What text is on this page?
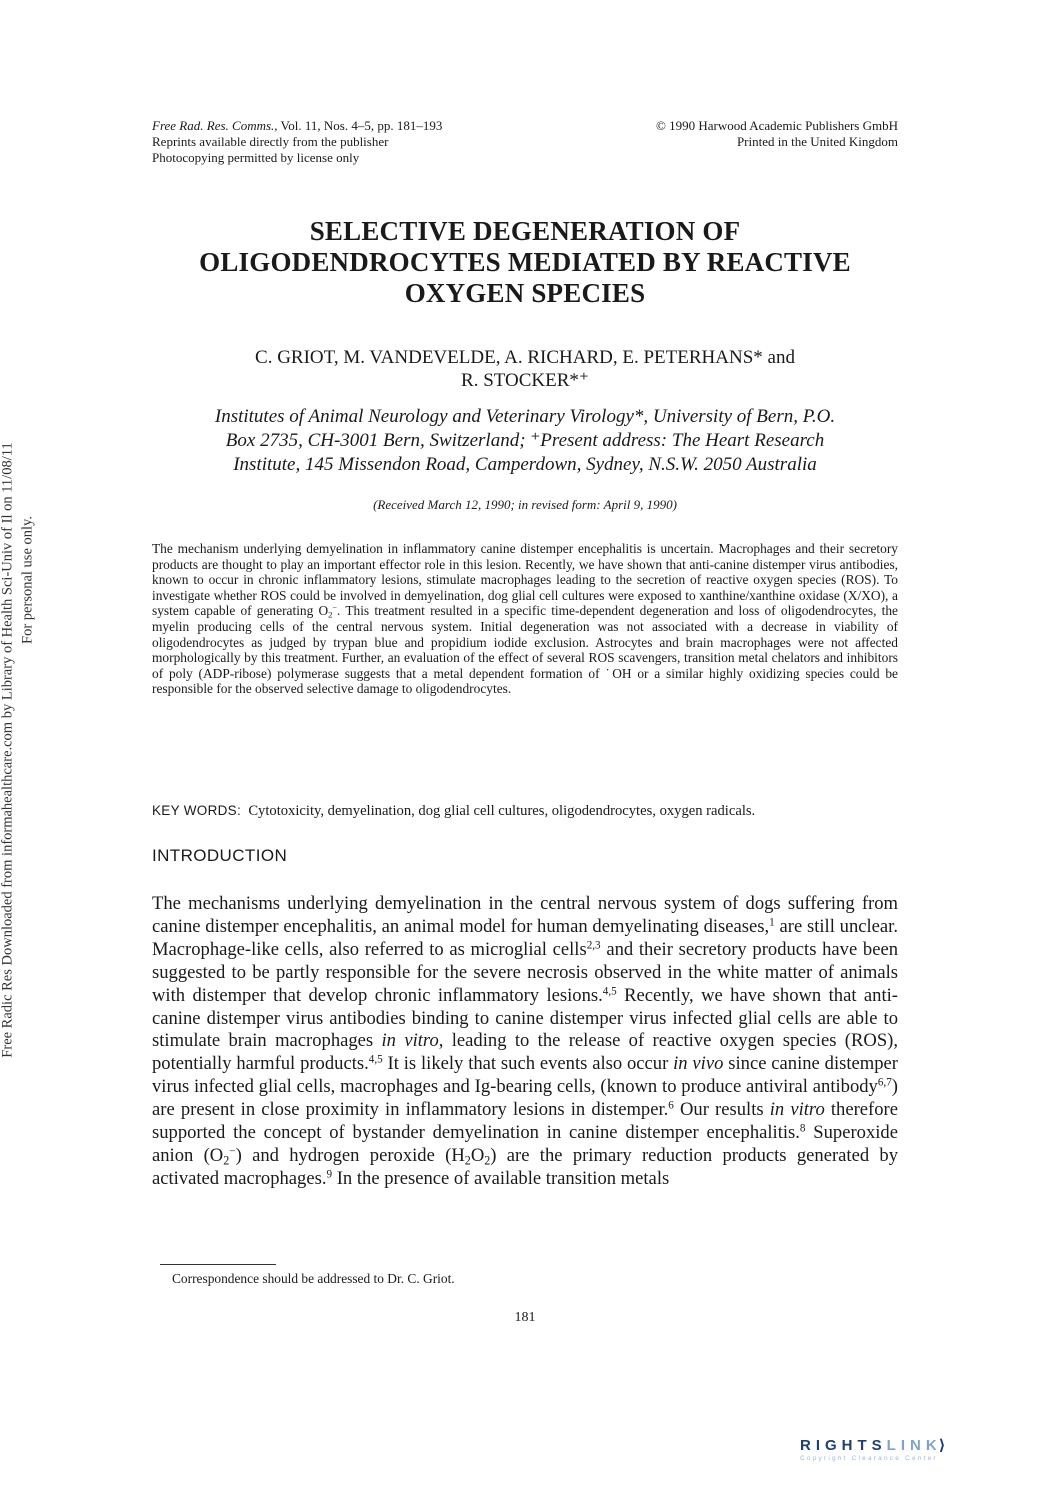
Free Radic Res Downloaded from informahealthcare.com by Library of Health Sci-Univ of Il on 11/08/11 For personal use only.
Free Rad. Res. Comms., Vol. 11, Nos. 4–5, pp. 181–193
Reprints available directly from the publisher
Photocopying permitted by license only
© 1990 Harwood Academic Publishers GmbH
Printed in the United Kingdom
SELECTIVE DEGENERATION OF
OLIGODENDROCYTES MEDIATED BY REACTIVE
OXYGEN SPECIES
C. GRIOT, M. VANDEVELDE, A. RICHARD, E. PETERHANS* and
R. STOCKER*⁺
Institutes of Animal Neurology and Veterinary Virology*, University of Bern, P.O.
Box 2735, CH-3001 Bern, Switzerland; ⁺Present address: The Heart Research
Institute, 145 Missendon Road, Camperdown, Sydney, N.S.W. 2050 Australia
(Received March 12, 1990; in revised form: April 9, 1990)
The mechanism underlying demyelination in inflammatory canine distemper encephalitis is uncertain. Macrophages and their secretory products are thought to play an important effector role in this lesion. Recently, we have shown that anti-canine distemper virus antibodies, known to occur in chronic inflammatory lesions, stimulate macrophages leading to the secretion of reactive oxygen species (ROS). To investigate whether ROS could be involved in demyelination, dog glial cell cultures were exposed to xanthine/xanthine oxidase (X/XO), a system capable of generating $O_2^-$. This treatment resulted in a specific time-dependent degeneration and loss of oligodendrocytes, the myelin producing cells of the central nervous system. Initial degeneration was not associated with a decrease in viability of oligodendrocytes as judged by trypan blue and propidium iodide exclusion. Astrocytes and brain macrophages were not affected morphologically by this treatment. Further, an evaluation of the effect of several ROS scavengers, transition metal chelators and inhibitors of poly (ADP-ribose) polymerase suggests that a metal dependent formation of ˙OH or a similar highly oxidizing species could be responsible for the observed selective damage to oligodendrocytes.
KEY WORDS: Cytotoxicity, demyelination, dog glial cell cultures, oligodendrocytes, oxygen radicals.
INTRODUCTION
The mechanisms underlying demyelination in the central nervous system of dogs suffering from canine distemper encephalitis, an animal model for human demyelinating diseases,$^1$ are still unclear. Macrophage-like cells, also referred to as microglial cells$^{2,3}$ and their secretory products have been suggested to be partly responsible for the severe necrosis observed in the white matter of animals with distemper that develop chronic inflammatory lesions.$^{4,5}$ Recently, we have shown that anti-canine distemper virus antibodies binding to canine distemper virus infected glial cells are able to stimulate brain macrophages in vitro, leading to the release of reactive oxygen species (ROS), potentially harmful products.$^{4,5}$ It is likely that such events also occur in vivo since canine distemper virus infected glial cells, macrophages and Ig-bearing cells, (known to produce antiviral antibody$^{6,7}$) are present in close proximity in inflammatory lesions in distemper.$^6$ Our results in vitro therefore supported the concept of bystander demyelination in canine distemper encephalitis.$^8$ Superoxide anion $(O_2^-)$ and hydrogen peroxide $(H_2O_2)$ are the primary reduction products generated by activated macrophages.$^9$ In the presence of available transition metals
Correspondence should be addressed to Dr. C. Griot.
181
RIGHTSLINK⟩
Copyright Clearance Center
